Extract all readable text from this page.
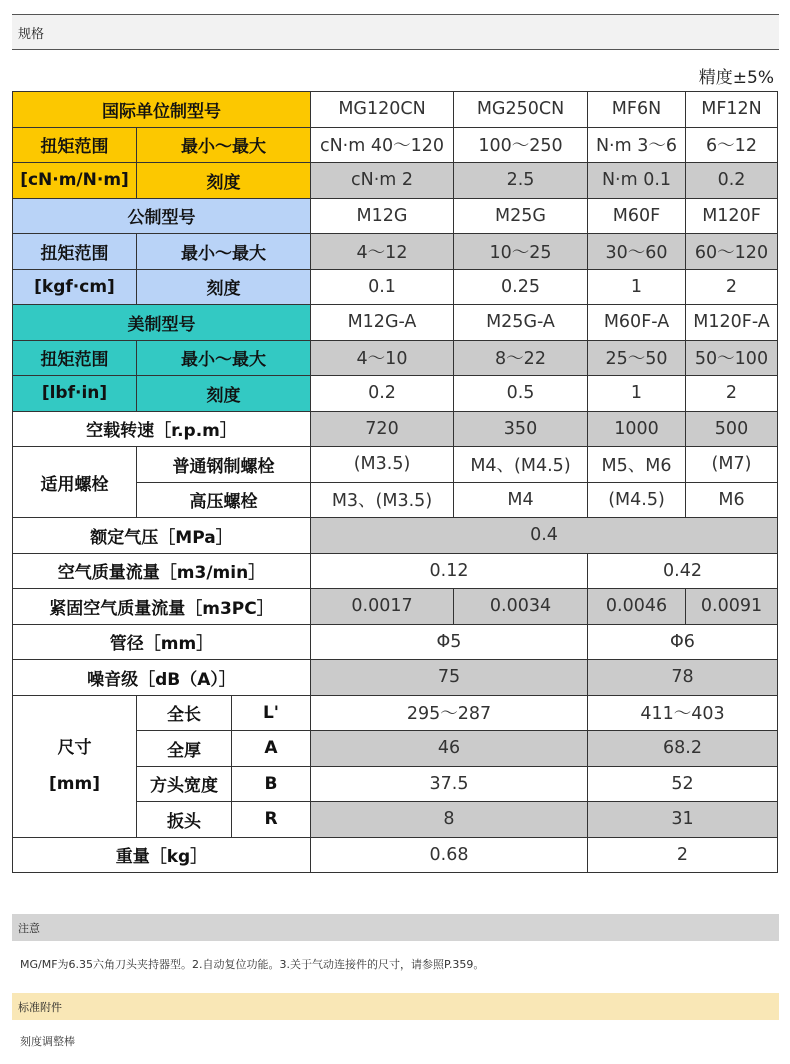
规格
精度±5%
国际单位制型号			MG120CN	MG250CN	MF6N	MF12N
扭矩范围	最小～最大		cN·m 40～120	100～250	N·m 3～6	6～12
[cN·m/N·m]	刻度		cN·m 2	2.5	N·m 0.1	0.2
公制型号			M12G	M25G	M60F	M120F
扭矩范围	最小～最大		4～12	10～25	30～60	60～120
[kgf·cm]	刻度		0.1	0.25	1	2
美制型号			M12G-A	M25G-A	M60F-A	M120F-A
扭矩范围	最小～最大		4～10	8～22	25～50	50～100
[lbf·in]	刻度		0.2	0.5	1	2
空载转速［r.p.m］			720	350	1000	500
适用螺栓	普通钢制螺栓		(M3.5)	M4、(M4.5)	M5、M6	(M7)
	高压螺栓		M3、(M3.5)	M4	(M4.5)	M6
额定气压［MPa］			0.4			
空气质量流量［m3/min］			0.12		0.42	
紧固空气质量流量［m3PC］			0.0017	0.0034	0.0046	0.0091
管径［mm］			Φ5		Φ6	
噪音级［dB（A）］			75		78	

尺寸
[mm]	全长	L'	295～287		411～403	
	全厚	A	46		68.2	
	方头宽度	B	37.5		52	
	扳头	R	8		31	
重量［kg］			0.68		2	
注意
MG/MF为6.35六角刀头夹持器型。2.自动复位功能。3.关于气动连接件的尺寸，请参照P.359。
标准附件
刻度调整棒
